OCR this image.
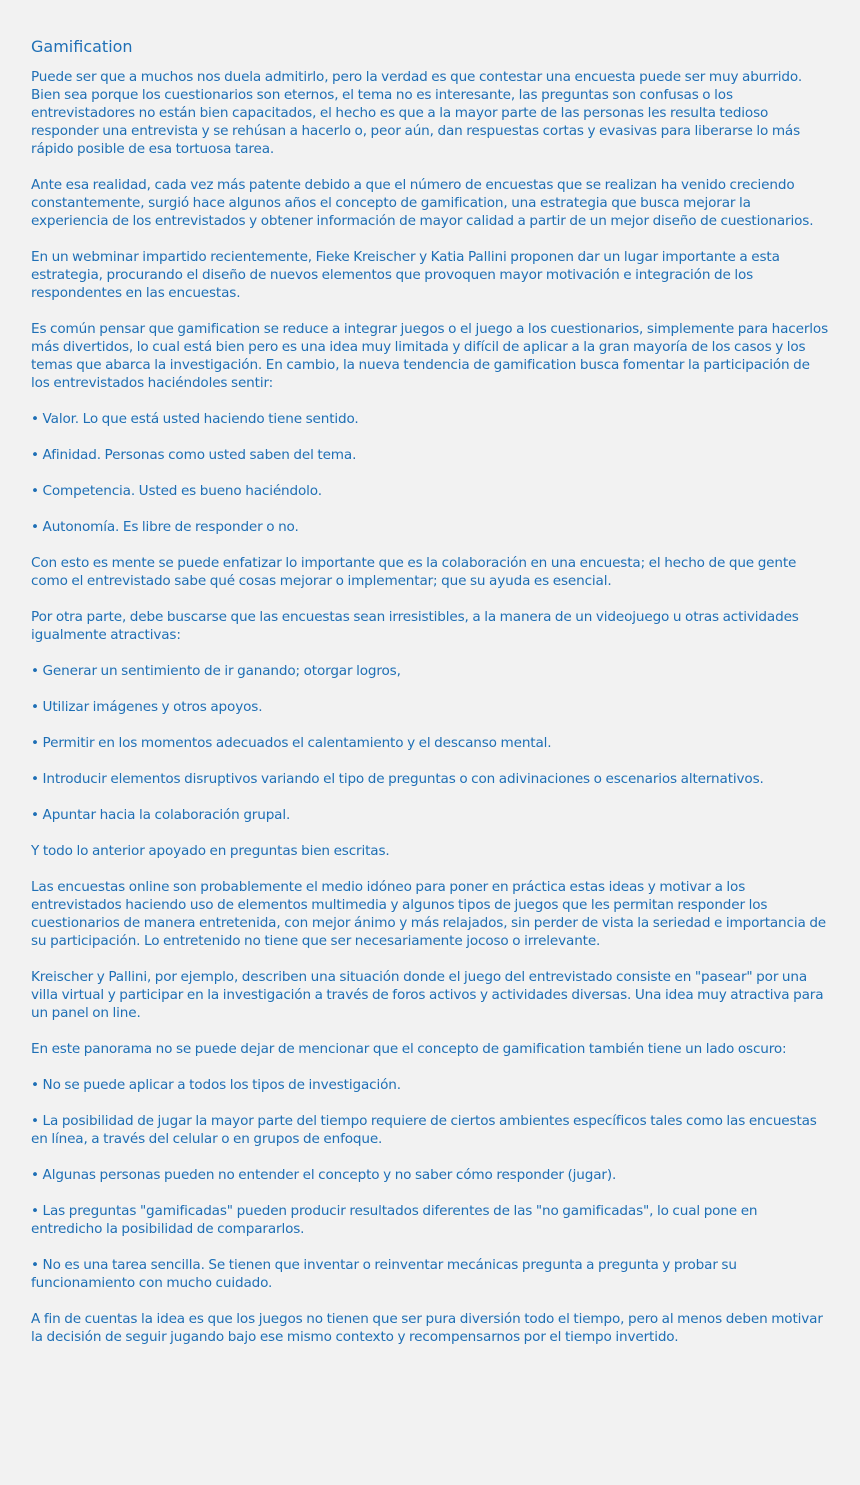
Gamification

Puede ser que a muchos nos duela admitirlo, pero la verdad es que contestar una encuesta puede ser muy aburrido. Bien sea porque los cuestionarios son eternos, el tema no es interesante, las preguntas son confusas o los entrevistadores no están bien capacitados, el hecho es que a la mayor parte de las personas les resulta tedioso responder una entrevista y se rehúsan a hacerlo o, peor aún, dan respuestas cortas y evasivas para liberarse lo más rápido posible de esa tortuosa tarea.

Ante esa realidad, cada vez más patente debido a que el número de encuestas que se realizan ha venido creciendo constantemente, surgió hace algunos años el concepto de gamification, una estrategia que busca mejorar la experiencia de los entrevistados y obtener información de mayor calidad a partir de un mejor diseño de cuestionarios.

En un webminar impartido recientemente, Fieke Kreischer y Katia Pallini proponen dar un lugar importante a esta estrategia, procurando el diseño de nuevos elementos que provoquen mayor motivación e integración de los respondentes en las encuestas.

Es común pensar que gamification se reduce a integrar juegos o el juego a los cuestionarios, simplemente para hacerlos más divertidos, lo cual está bien pero es una idea muy limitada y difícil de aplicar a la gran mayoría de los casos y los temas que abarca la investigación. En cambio, la nueva tendencia de gamification busca fomentar la participación de los entrevistados haciéndoles sentir:

• Valor. Lo que está usted haciendo tiene sentido.

• Afinidad. Personas como usted saben del tema.

• Competencia. Usted es bueno haciéndolo.

• Autonomía. Es libre de responder o no.

Con esto es mente se puede enfatizar lo importante que es la colaboración en una encuesta; el hecho de que gente como el entrevistado sabe qué cosas mejorar o implementar; que su ayuda es esencial.

Por otra parte, debe buscarse que las encuestas sean irresistibles, a la manera de un videojuego u otras actividades igualmente atractivas:

• Generar un sentimiento de ir ganando; otorgar logros,

• Utilizar imágenes y otros apoyos.

• Permitir en los momentos adecuados el calentamiento y el descanso mental.

• Introducir elementos disruptivos variando el tipo de preguntas o con adivinaciones o escenarios alternativos.

• Apuntar hacia la colaboración grupal.

Y todo lo anterior apoyado en preguntas bien escritas.

Las encuestas online son probablemente el medio idóneo para poner en práctica estas ideas y motivar a los entrevistados haciendo uso de elementos multimedia y algunos tipos de juegos que les permitan responder los cuestionarios de manera entretenida, con mejor ánimo y más relajados, sin perder de vista la seriedad e importancia de su participación. Lo entretenido no tiene que ser necesariamente jocoso o irrelevante.

Kreischer y Pallini, por ejemplo, describen una situación donde el juego del entrevistado consiste en "pasear" por una villa virtual y participar en la investigación a través de foros activos y actividades diversas. Una idea muy atractiva para un panel on line.

En este panorama no se puede dejar de mencionar que el concepto de gamification también tiene un lado oscuro:

• No se puede aplicar a todos los tipos de investigación.

• La posibilidad de jugar la mayor parte del tiempo requiere de ciertos ambientes específicos tales como las encuestas en línea, a través del celular o en grupos de enfoque.

• Algunas personas pueden no entender el concepto y no saber cómo responder (jugar).

• Las preguntas "gamificadas" pueden producir resultados diferentes de las "no gamificadas", lo cual pone en entredicho la posibilidad de compararlos.

• No es una tarea sencilla. Se tienen que inventar o reinventar mecánicas pregunta a pregunta y probar su funcionamiento con mucho cuidado.

A fin de cuentas la idea es que los juegos no tienen que ser pura diversión todo el tiempo, pero al menos deben motivar la decisión de seguir jugando bajo ese mismo contexto y recompensarnos por el tiempo invertido.
